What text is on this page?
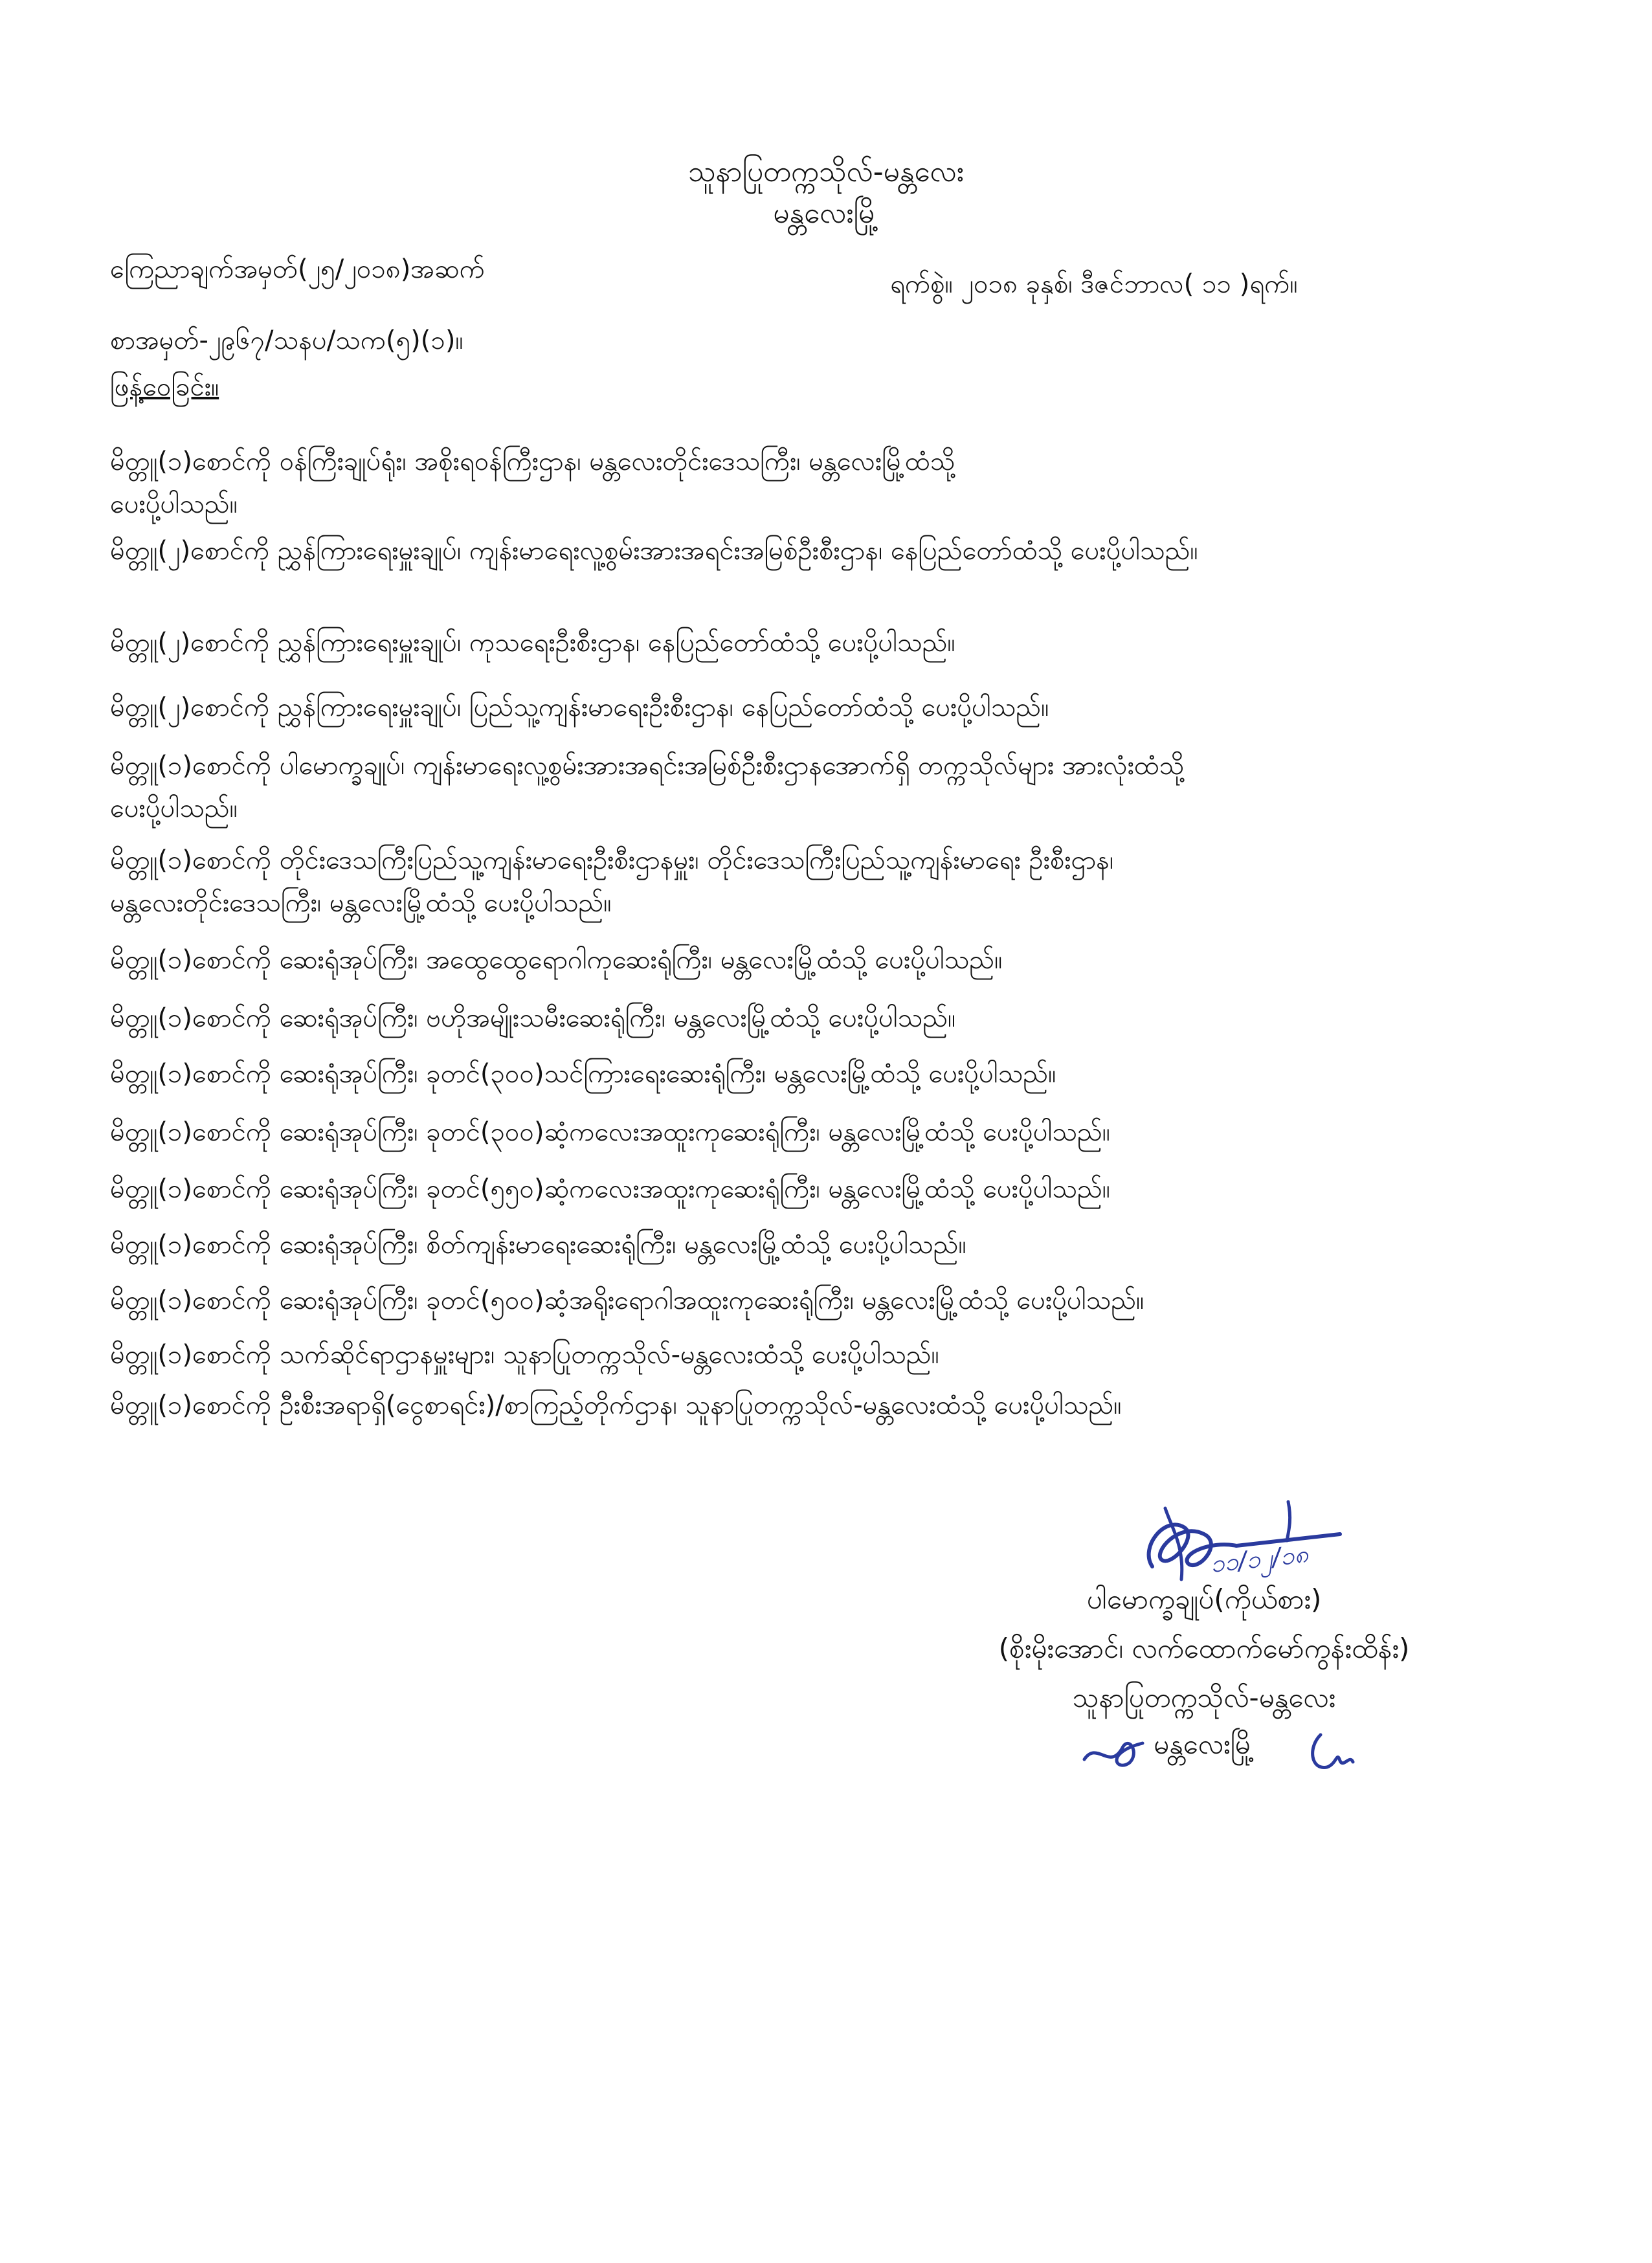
သူနာပြုတက္ကသိုလ်-မန္တလေး
မန္တလေးမြို့
ကြေညာချက်အမှတ်(၂၅/၂၀၁၈)အဆက်	ရက်စွဲ။ ၂၀၁၈ ခုနှစ်၊ ဒီဇင်ဘာလ( ၁၁ )ရက်။
စာအမှတ်-၂၉၆၇/သနပ/သက(၅)(၁)။
ဖြန့်ဝေခြင်း။
မိတ္တူ(၁)စောင်ကို ဝန်ကြီးချုပ်ရုံး၊ အစိုးရဝန်ကြီးဌာန၊ မန္တလေးတိုင်းဒေသကြီး၊ မန္တလေးမြို့ထံသို့
ပေးပို့ပါသည်။
မိတ္တူ(၂)စောင်ကို ညွှန်ကြားရေးမှူးချုပ်၊ ကျန်းမာရေးလူ့စွမ်းအားအရင်းအမြစ်ဦးစီးဌာန၊ နေပြည်တော်ထံသို့ ပေးပို့ပါသည်။
မိတ္တူ(၂)စောင်ကို ညွှန်ကြားရေးမှူးချုပ်၊ ကုသရေးဦးစီးဌာန၊ နေပြည်တော်ထံသို့ ပေးပို့ပါသည်။
မိတ္တူ(၂)စောင်ကို ညွှန်ကြားရေးမှူးချုပ်၊ ပြည်သူ့ကျန်းမာရေးဦးစီးဌာန၊ နေပြည်တော်ထံသို့ ပေးပို့ပါသည်။
မိတ္တူ(၁)စောင်ကို ပါမောက္ခချုပ်၊ ကျန်းမာရေးလူ့စွမ်းအားအရင်းအမြစ်ဦးစီးဌာနအောက်ရှိ တက္ကသိုလ်များ အားလုံးထံသို့
ပေးပို့ပါသည်။
မိတ္တူ(၁)စောင်ကို တိုင်းဒေသကြီးပြည်သူ့ကျန်းမာရေးဦးစီးဌာနမှူး၊ တိုင်းဒေသကြီးပြည်သူ့ကျန်းမာရေး ဦးစီးဌာန၊
မန္တလေးတိုင်းဒေသကြီး၊ မန္တလေးမြို့ထံသို့ ပေးပို့ပါသည်။
မိတ္တူ(၁)စောင်ကို ဆေးရုံအုပ်ကြီး၊ အထွေထွေရောဂါကုဆေးရုံကြီး၊ မန္တလေးမြို့ထံသို့ ပေးပို့ပါသည်။
မိတ္တူ(၁)စောင်ကို ဆေးရုံအုပ်ကြီး၊ ဗဟိုအမျိုးသမီးဆေးရုံကြီး၊ မန္တလေးမြို့ထံသို့ ပေးပို့ပါသည်။
မိတ္တူ(၁)စောင်ကို ဆေးရုံအုပ်ကြီး၊ ခုတင်(၃၀၀)သင်ကြားရေးဆေးရုံကြီး၊ မန္တလေးမြို့ထံသို့ ပေးပို့ပါသည်။
မိတ္တူ(၁)စောင်ကို ဆေးရုံအုပ်ကြီး၊ ခုတင်(၃၀၀)ဆံ့ကလေးအထူးကုဆေးရုံကြီး၊ မန္တလေးမြို့ထံသို့ ပေးပို့ပါသည်။
မိတ္တူ(၁)စောင်ကို ဆေးရုံအုပ်ကြီး၊ ခုတင်(၅၅၀)ဆံ့ကလေးအထူးကုဆေးရုံကြီး၊ မန္တလေးမြို့ထံသို့ ပေးပို့ပါသည်။
မိတ္တူ(၁)စောင်ကို ဆေးရုံအုပ်ကြီး၊ စိတ်ကျန်းမာရေးဆေးရုံကြီး၊ မန္တလေးမြို့ထံသို့ ပေးပို့ပါသည်။
မိတ္တူ(၁)စောင်ကို ဆေးရုံအုပ်ကြီး၊ ခုတင်(၅၀၀)ဆံ့အရိုးရောဂါအထူးကုဆေးရုံကြီး၊ မန္တလေးမြို့ထံသို့ ပေးပို့ပါသည်။
မိတ္တူ(၁)စောင်ကို သက်ဆိုင်ရာဌာနမှူးများ၊ သူနာပြုတက္ကသိုလ်-မန္တလေးထံသို့ ပေးပို့ပါသည်။
မိတ္တူ(၁)စောင်ကို ဦးစီးအရာရှိ(ငွေစာရင်း)/စာကြည့်တိုက်ဌာန၊ သူနာပြုတက္ကသိုလ်-မန္တလေးထံသို့ ပေးပို့ပါသည်။
၁၁/၁၂/၁၈
ပါမောက္ခချုပ်(ကိုယ်စား)
(စိုးမိုးအောင်၊ လက်ထောက်မော်ကွန်းထိန်း)
သူနာပြုတက္ကသိုလ်-မန္တလေး
မန္တလေးမြို့
